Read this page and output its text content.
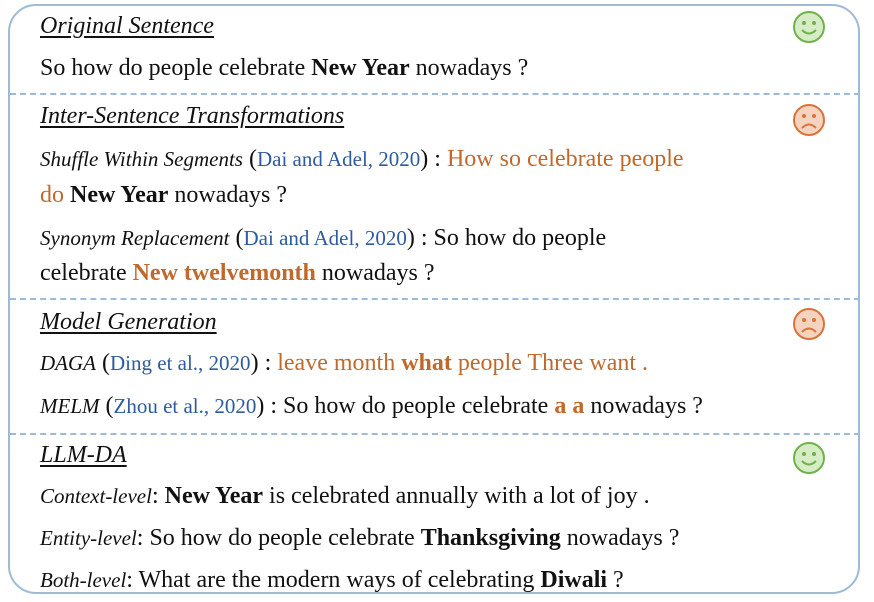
Original Sentence
So how do people celebrate New Year nowadays ?
Inter-Sentence Transformations
Shuffle Within Segments (Dai and Adel, 2020) : How so celebrate people
do New Year nowadays ?
Synonym Replacement (Dai and Adel, 2020) : So how do people
celebrate New twelvemonth nowadays ?
Model Generation
DAGA (Ding et al., 2020) : leave month what people Three want .
MELM (Zhou et al., 2020) : So how do people celebrate a a nowadays ?
LLM-DA
Context-level: New Year is celebrated annually with a lot of joy .
Entity-level: So how do people celebrate Thanksgiving nowadays ?
Both-level: What are the modern ways of celebrating Diwali ?
